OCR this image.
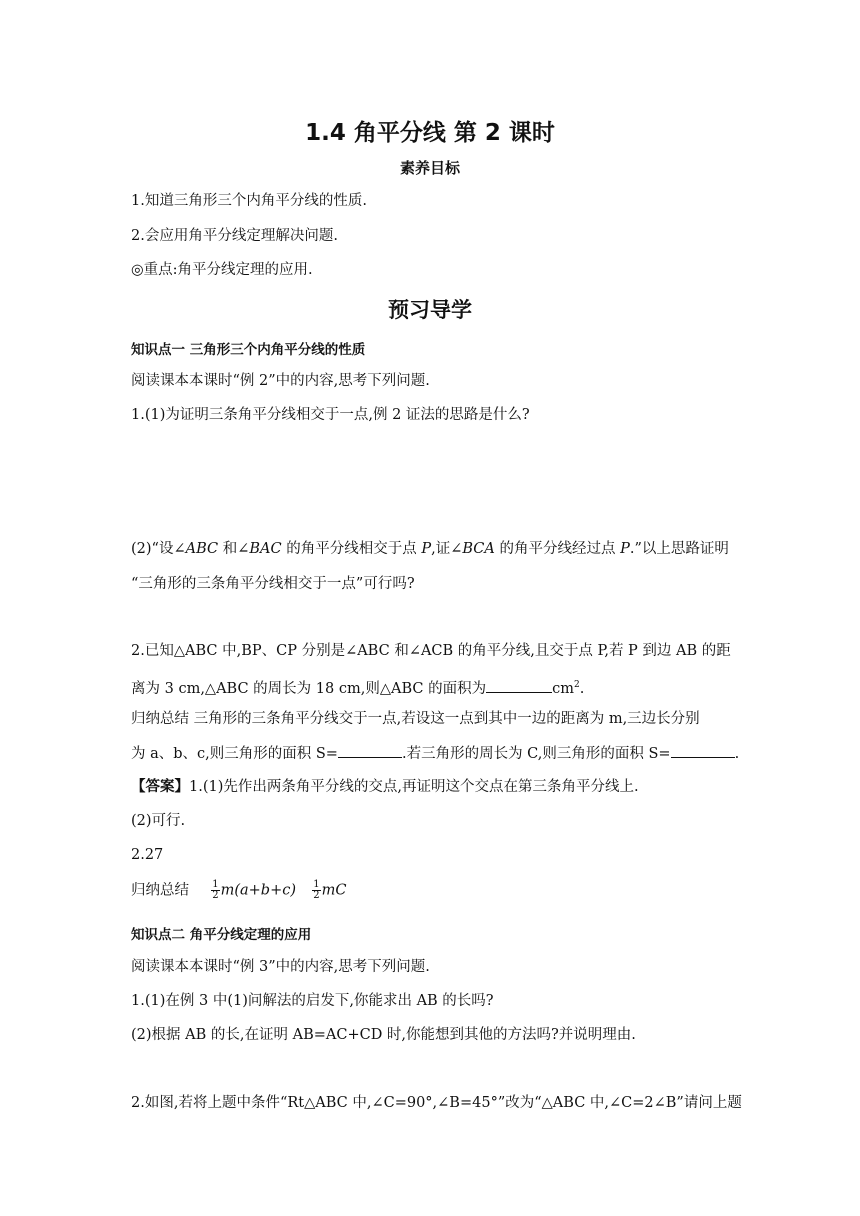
1.4 角平分线 第 2 课时
素养目标
1.知道三角形三个内角平分线的性质.
2.会应用角平分线定理解决问题.
◎重点:角平分线定理的应用.
预习导学
知识点一 三角形三个内角平分线的性质
阅读课本本课时“例 2”中的内容,思考下列问题.
1.(1)为证明三条角平分线相交于一点,例 2 证法的思路是什么?
(2)“设∠ABC 和∠BAC 的角平分线相交于点 P,证∠BCA 的角平分线经过点 P.”以上思路证明
“三角形的三条角平分线相交于一点”可行吗?
2.已知△ABC 中,BP、CP 分别是∠ABC 和∠ACB 的角平分线,且交于点 P,若 P 到边 AB 的距
离为 3 cm,△ABC 的周长为 18 cm,则△ABC 的面积为	$cm^2$.
归纳总结 三角形的三条角平分线交于一点,若设这一点到其中一边的距离为 m,三边长分别
为 a、b、c,则三角形的面积 S=	.若三角形的周长为 C,则三角形的面积 S=	.
【答案】1.(1)先作出两条角平分线的交点,再证明这个交点在第三条角平分线上.
(2)可行.
2.27
归纳总结 $\frac{1}{2} m(a+b+c) \frac{1}{2}$ mC
知识点二 角平分线定理的应用
阅读课本本课时“例 3”中的内容,思考下列问题.
1.(1)在例 3 中(1)问解法的启发下,你能求出 AB 的长吗?
(2)根据 AB 的长,在证明 AB=AC+CD 时,你能想到其他的方法吗?并说明理由.
2.如图,若将上题中条件“Rt△ABC 中,∠C=90°,∠B=45°”改为“△ABC 中,∠C=2∠B”请问上题
